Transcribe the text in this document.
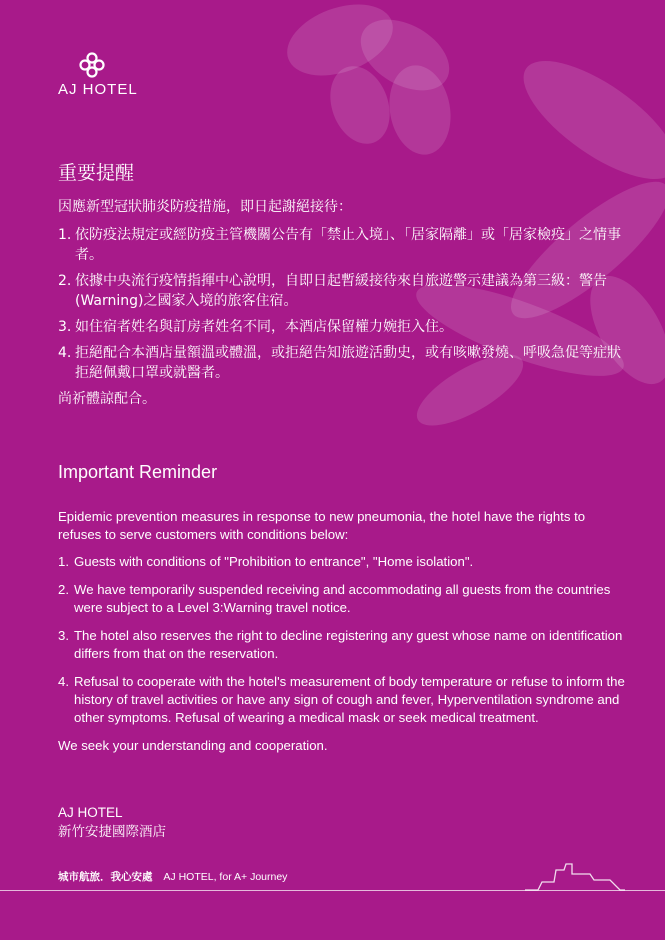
AJ HOTEL
重要提醒

因應新型冠狀肺炎防疫措施，即日起謝絕接待：

1. 依防疫法規定或經防疫主管機關公告有「禁止入境」、「居家隔離」或「居家檢疫」之情事者。
2. 依據中央流行疫情指揮中心說明，自即日起暫緩接待來自旅遊警示建議為第三級：警告(Warning)之國家入境的旅客住宿。
3. 如住宿者姓名與訂房者姓名不同，本酒店保留權力婉拒入住。
4. 拒絕配合本酒店量額溫或體溫，或拒絕告知旅遊活動史，或有咳嗽發燒、呼吸急促等症狀拒絕佩戴口罩或就醫者。
尚祈體諒配合。
Important Reminder

Epidemic prevention measures in response to new pneumonia, the hotel have the rights to refuses to serve customers with conditions below:

1. Guests with conditions of "Prohibition to entrance", "Home isolation".
2. We have temporarily suspended receiving and accommodating all guests from the countries were subject to a Level 3:Warning travel notice.
3. The hotel also reserves the right to decline registering any guest whose name on identification differs from that on the reservation.
4. Refusal to cooperate with the hotel's measurement of body temperature or refuse to inform the history of travel activities or have any sign of cough and fever, Hyperventilation syndrome and other symptoms. Refusal of wearing a medical mask or seek medical treatment.
We seek your understanding and cooperation.
AJ HOTEL
新竹安捷國際酒店
城市航旅．我心安處 AJ HOTEL, for A+ Journey
